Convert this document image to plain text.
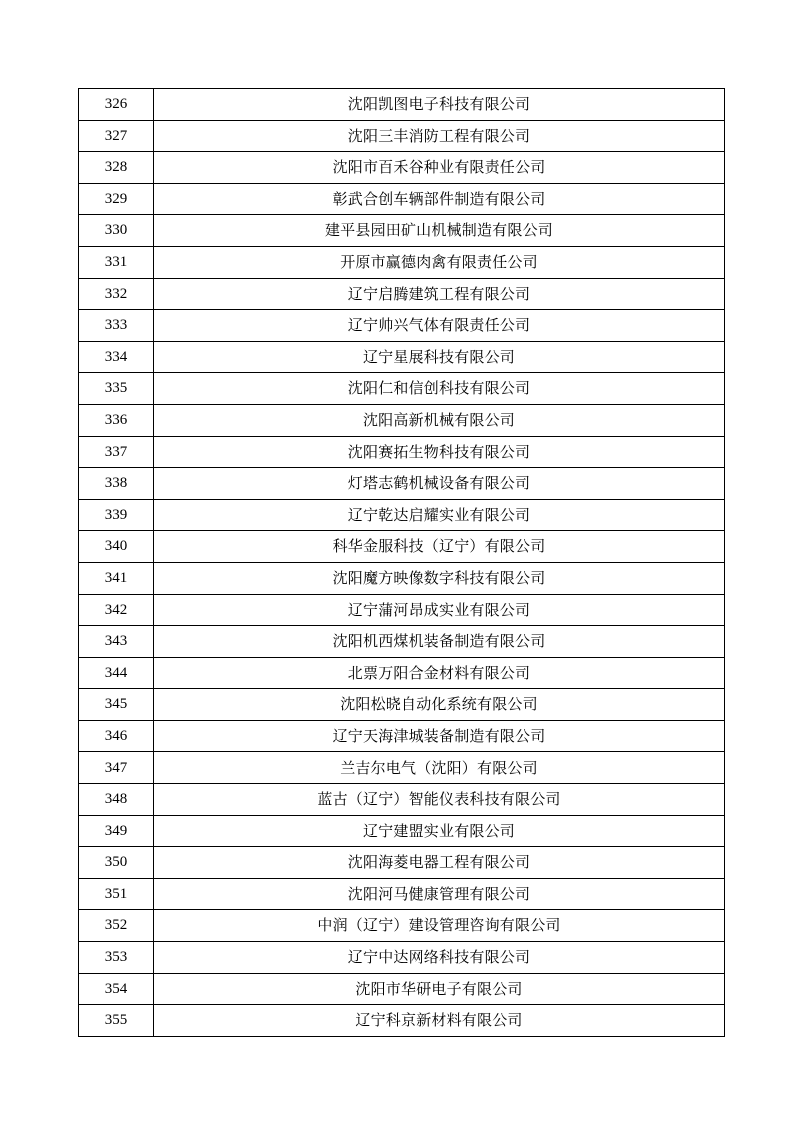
326	沈阳凯图电子科技有限公司
327	沈阳三丰消防工程有限公司
328	沈阳市百禾谷种业有限责任公司
329	彰武合创车辆部件制造有限公司
330	建平县园田矿山机械制造有限公司
331	开原市赢德肉禽有限责任公司
332	辽宁启腾建筑工程有限公司
333	辽宁帅兴气体有限责任公司
334	辽宁星展科技有限公司
335	沈阳仁和信创科技有限公司
336	沈阳高新机械有限公司
337	沈阳赛拓生物科技有限公司
338	灯塔志鹤机械设备有限公司
339	辽宁乾达启耀实业有限公司
340	科华金服科技（辽宁）有限公司
341	沈阳魔方映像数字科技有限公司
342	辽宁蒲河昂成实业有限公司
343	沈阳机西煤机装备制造有限公司
344	北票万阳合金材料有限公司
345	沈阳松晓自动化系统有限公司
346	辽宁天海津城装备制造有限公司
347	兰吉尔电气（沈阳）有限公司
348	蓝古（辽宁）智能仪表科技有限公司
349	辽宁建盟实业有限公司
350	沈阳海菱电器工程有限公司
351	沈阳河马健康管理有限公司
352	中润（辽宁）建设管理咨询有限公司
353	辽宁中达网络科技有限公司
354	沈阳市华研电子有限公司
355	辽宁科京新材料有限公司
